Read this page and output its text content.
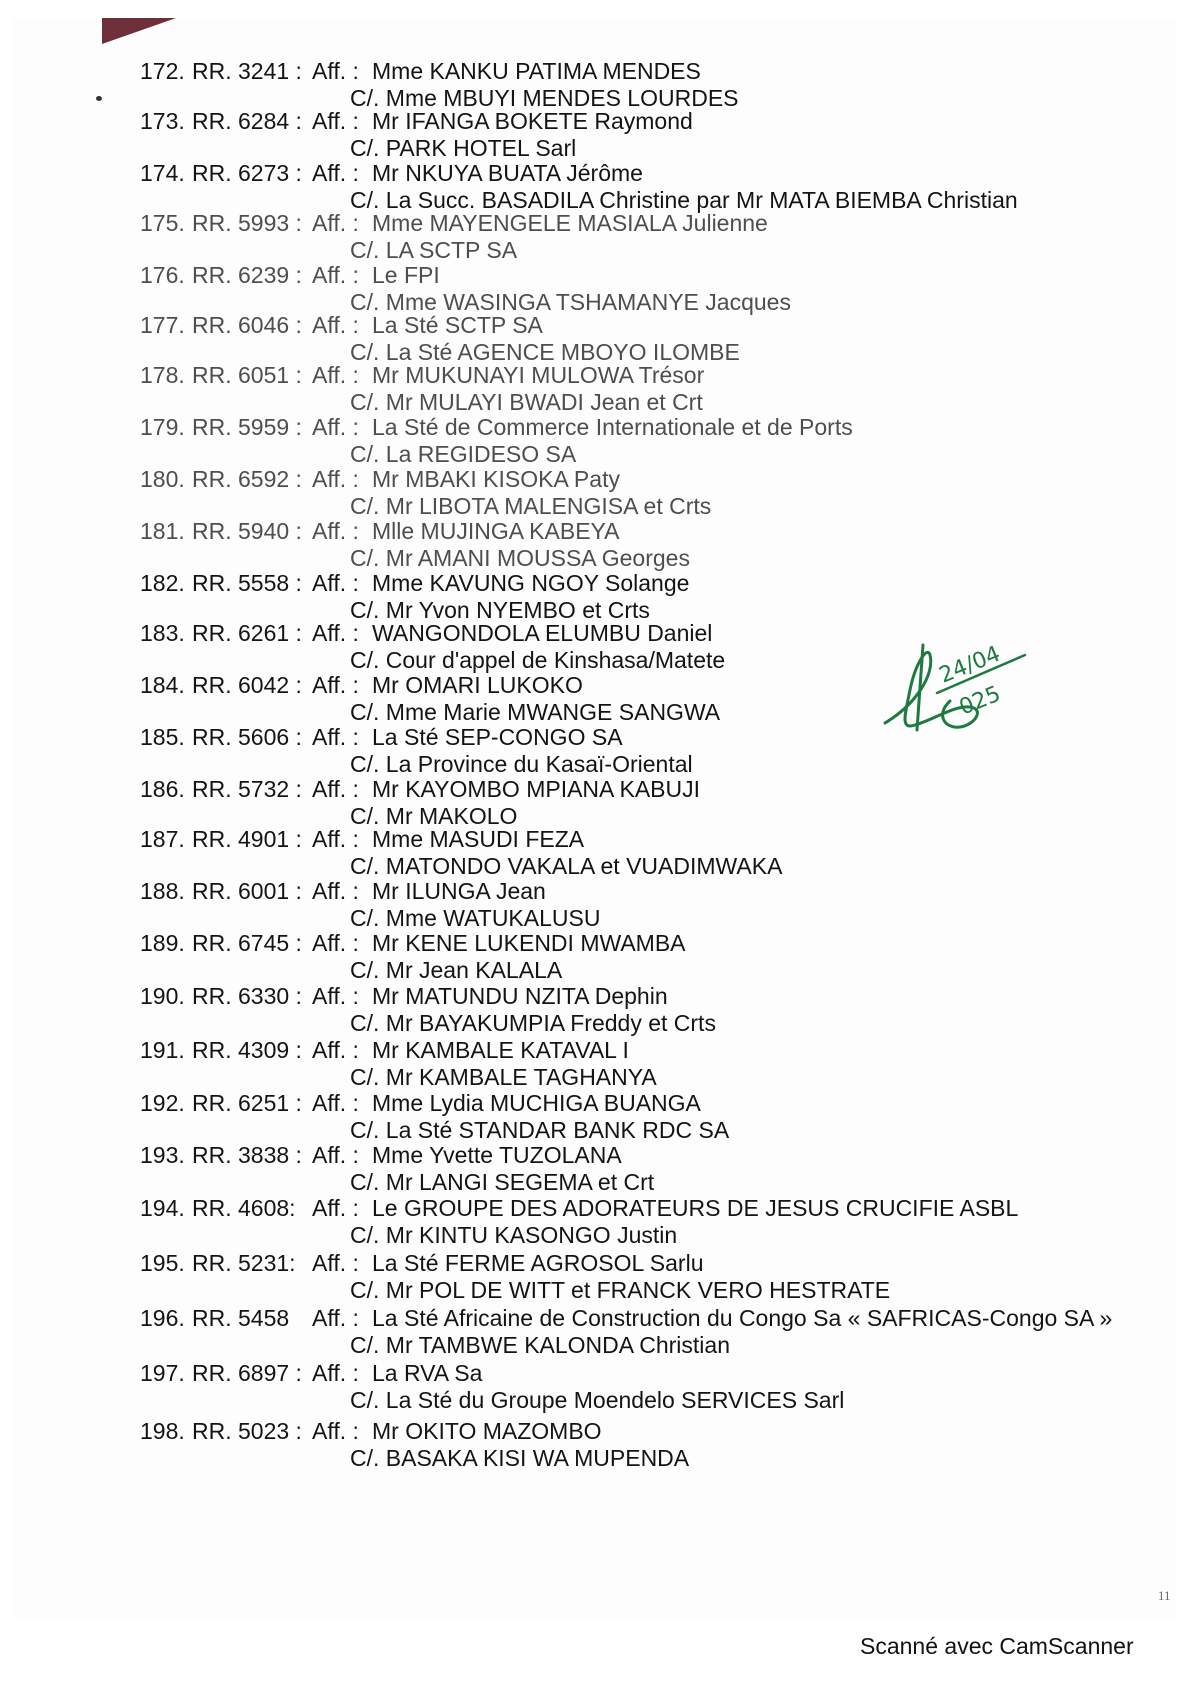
172. RR. 3241 : Aff. : Mme KANKU PATIMA MENDES
C/. Mme MBUYI MENDES LOURDES
173. RR. 6284 : Aff. : Mr IFANGA BOKETE Raymond
C/. PARK HOTEL Sarl
174. RR. 6273 : Aff. : Mr NKUYA BUATA Jérôme
C/. La Succ. BASADILA Christine par Mr MATA BIEMBA Christian
175. RR. 5993 : Aff. : Mme MAYENGELE MASIALA Julienne
C/. LA SCTP SA
176. RR. 6239 : Aff. : Le FPI
C/. Mme WASINGA TSHAMANYE Jacques
177. RR. 6046 : Aff. : La Sté SCTP SA
C/. La Sté AGENCE MBOYO ILOMBE
178. RR. 6051 : Aff. : Mr MUKUNAYI MULOWA Trésor
C/. Mr MULAYI BWADI Jean et Crt
179. RR. 5959 : Aff. : La Sté de Commerce Internationale et de Ports
C/. La REGIDESO SA
180. RR. 6592 : Aff. : Mr MBAKI KISOKA Paty
C/. Mr LIBOTA MALENGISA et Crts
181. RR. 5940 : Aff. : Mlle MUJINGA KABEYA
C/. Mr AMANI MOUSSA Georges
182. RR. 5558 : Aff. : Mme KAVUNG NGOY Solange
C/. Mr Yvon NYEMBO et Crts
183. RR. 6261 : Aff. : WANGONDOLA ELUMBU Daniel
C/. Cour d'appel de Kinshasa/Matete
184. RR. 6042 : Aff. : Mr OMARI LUKOKO
C/. Mme Marie MWANGE SANGWA
185. RR. 5606 : Aff. : La Sté SEP-CONGO SA
C/. La Province du Kasaï-Oriental
186. RR. 5732 : Aff. : Mr KAYOMBO MPIANA KABUJI
C/. Mr MAKOLO
187. RR. 4901 : Aff. : Mme MASUDI FEZA
C/. MATONDO VAKALA et VUADIMWAKA
188. RR. 6001 : Aff. : Mr ILUNGA Jean
C/. Mme WATUKALUSU
189. RR. 6745 : Aff. : Mr KENE LUKENDI MWAMBA
C/. Mr Jean KALALA
190. RR. 6330 : Aff. : Mr MATUNDU NZITA Dephin
C/. Mr BAYAKUMPIA Freddy et Crts
191. RR. 4309 : Aff. : Mr KAMBALE KATAVAL I
C/. Mr KAMBALE TAGHANYA
192. RR. 6251 : Aff. : Mme Lydia MUCHIGA BUANGA
C/. La Sté STANDAR BANK RDC SA
193. RR. 3838 : Aff. : Mme Yvette TUZOLANA
C/. Mr LANGI SEGEMA et Crt
194. RR. 4608: Aff. : Le GROUPE DES ADORATEURS DE JESUS CRUCIFIE ASBL
C/. Mr KINTU KASONGO Justin
195. RR. 5231: Aff. : La Sté FERME AGROSOL Sarlu
C/. Mr POL DE WITT et FRANCK VERO HESTRATE
196. RR. 5458 Aff. : La Sté Africaine de Construction du Congo Sa « SAFRICAS-Congo SA »
C/. Mr TAMBWE KALONDA Christian
197. RR. 6897 : Aff. : La RVA Sa
C/. La Sté du Groupe Moendelo SERVICES Sarl
198. RR. 5023 : Aff. : Mr OKITO MAZOMBO
C/. BASAKA KISI WA MUPENDA
24/04
025
11
Scanné avec CamScanner
